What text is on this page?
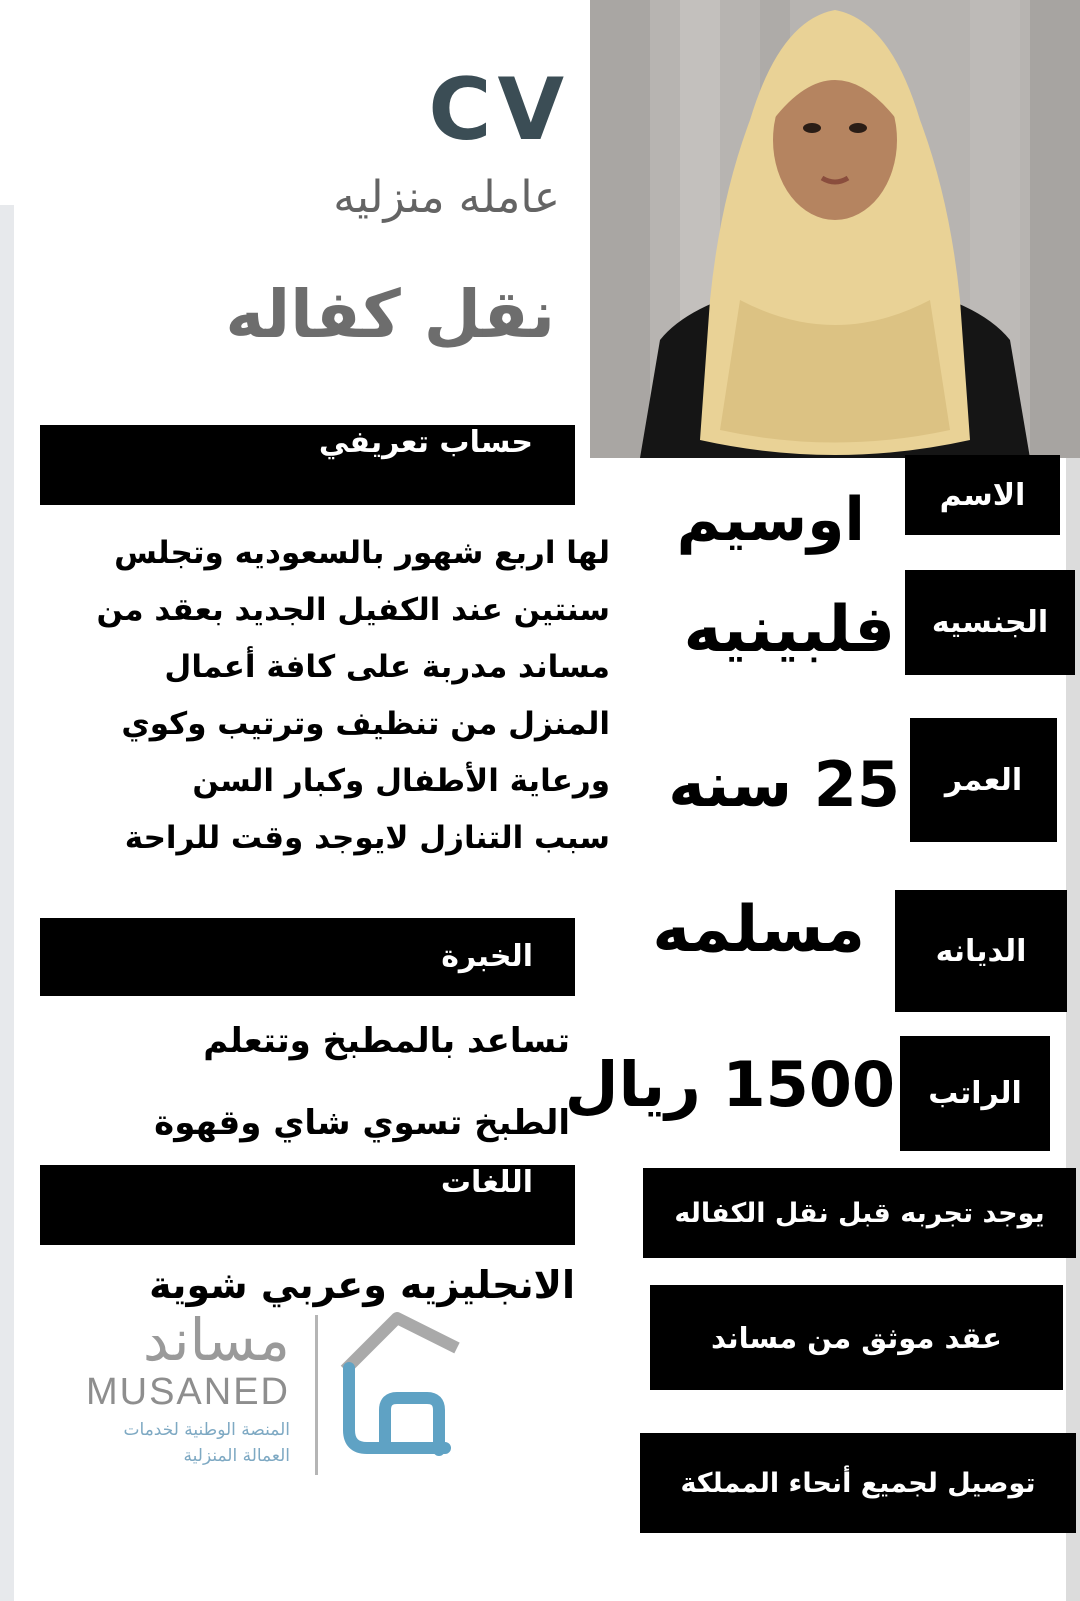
CV
عامله منزليه
نقل كفاله
حساب تعريفي
لها اربع شهور بالسعوديه وتجلس
سنتين عند الكفيل الجديد بعقد من
مساند مدربة على كافة أعمال
المنزل من تنظيف وترتيب وكوي
ورعاية الأطفال وكبار السن
سبب التنازل لايوجد وقت للراحة
الخبرة
تساعد بالمطبخ وتتعلم
الطبخ تسوي شاي وقهوة
اللغات
الانجليزيه وعربي شوية
الاسم
اوسيم
الجنسيه
فلبينيه
العمر
25 سنه
الديانه
مسلمه
الراتب
1500 ريال
يوجد تجربه قبل نقل الكفاله
عقد موثق من مساند
توصيل لجميع أنحاء المملكة
مساند
MUSANED
المنصة الوطنية لخدمات
العمالة المنزلية
